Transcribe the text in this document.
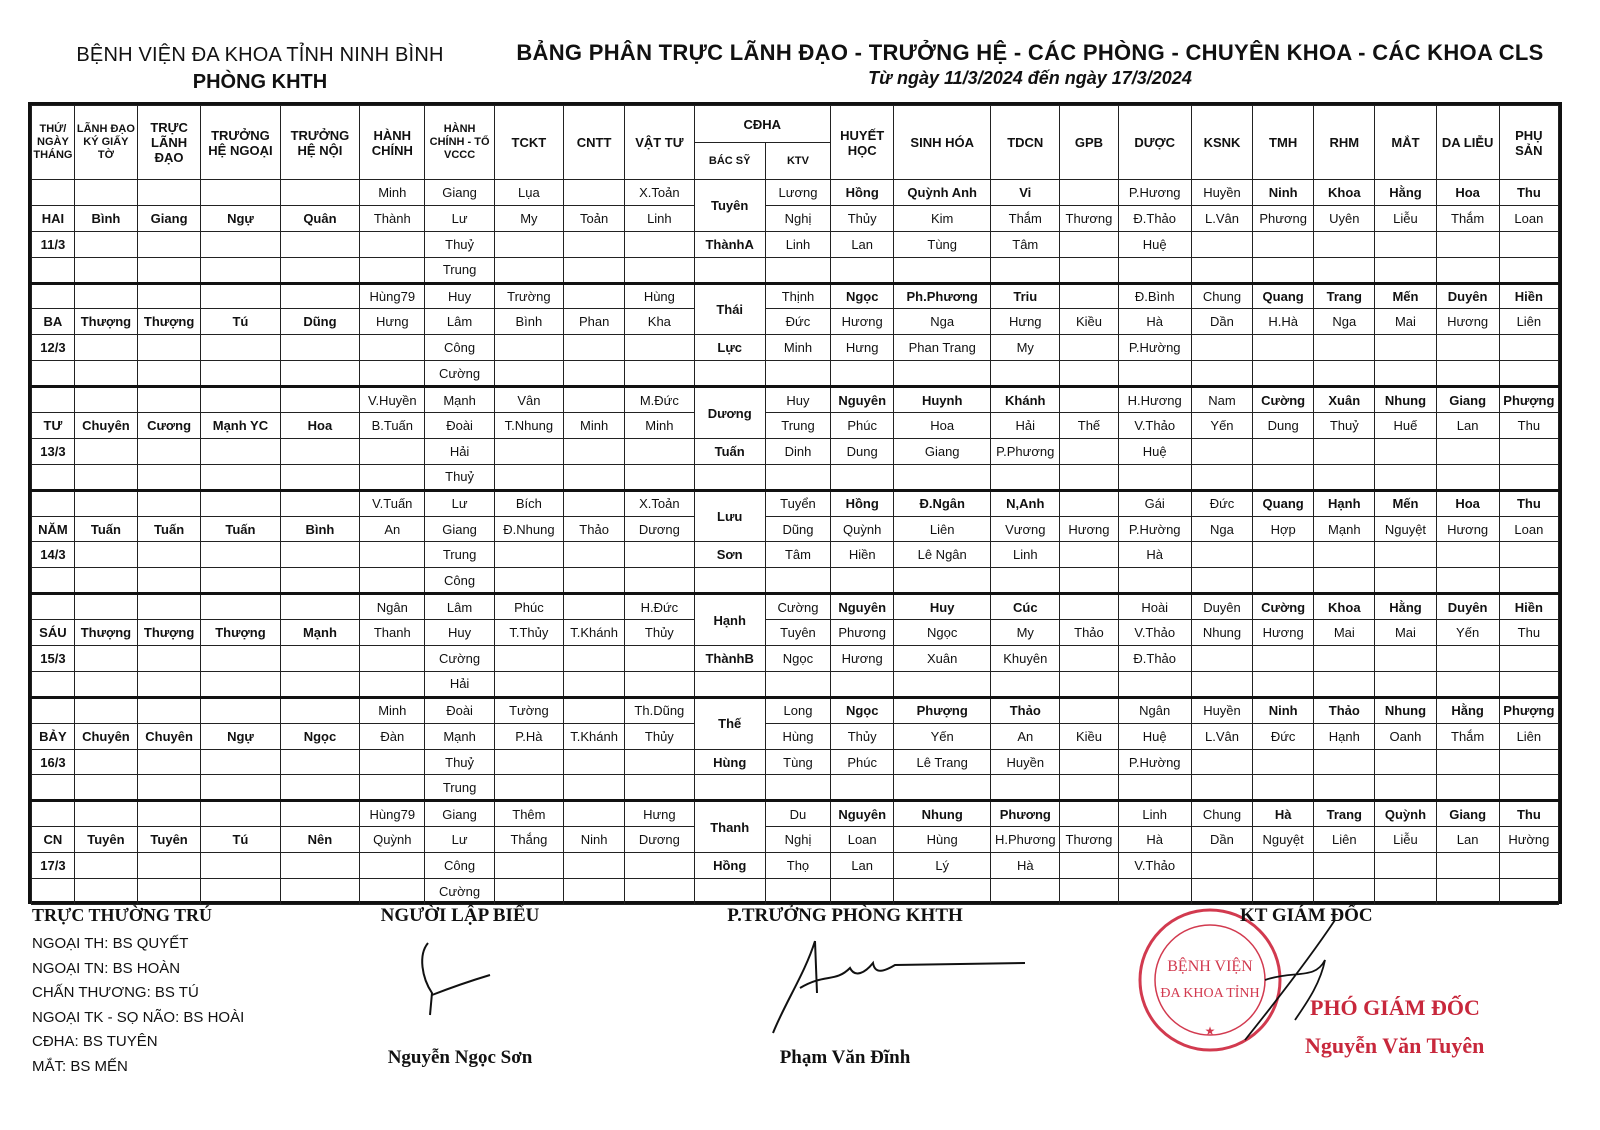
BỆNH VIỆN ĐA KHOA TỈNH NINH BÌNH
PHÒNG KHTH
BẢNG PHÂN TRỰC LÃNH ĐẠO - TRƯỞNG HỆ - CÁC PHÒNG - CHUYÊN KHOA - CÁC KHOA CLS
Từ ngày 11/3/2024 đến ngày 17/3/2024
THỨ/ NGÀY THÁNG	LÃNH ĐẠO KÝ GIẤY TỜ	TRỰC LÃNH ĐẠO	TRƯỞNG HỆ NGOẠI	TRƯỞNG HỆ NỘI	HÀNH CHÍNH	HÀNH CHÍNH - TỔ VCCC	TCKT	CNTT	VẬT TƯ	CĐHA		HUYẾT HỌC	SINH HÓA	TDCN	GPB	DƯỢC	KSNK	TMH	RHM	MẮT	DA LIỄU	PHỤ SẢN
										BÁC SỸ	KTV											
					Minh	Giang	Lụa		X.Toản	Tuyên	Lương	Hồng	Quỳnh Anh	Vi		P.Hương	Huyền	Ninh	Khoa	Hằng	Hoa	Thu
HAI	Bình	Giang	Ngự	Quân	Thành	Lư	My	Toản	Linh		Nghị	Thủy	Kim	Thắm	Thương	Đ.Thảo	L.Vân	Phương	Uyên	Liễu	Thắm	Loan
11/3						Thuỷ				ThànhA	Linh	Lan	Tùng	Tâm		Huệ						
						Trung																
					Hùng79	Huy	Trường		Hùng	Thái	Thịnh	Ngọc	Ph.Phương	Triu		Đ.Bình	Chung	Quang	Trang	Mến	Duyên	Hiền
BA	Thượng	Thượng	Tú	Dũng	Hưng	Lâm	Bình	Phan	Kha		Đức	Hương	Nga	Hưng	Kiều	Hà	Dần	H.Hà	Nga	Mai	Hương	Liên
12/3						Công				Lực	Minh	Hưng	Phan Trang	My		P.Hường						
						Cường																
					V.Huyền	Mạnh	Vân		M.Đức	Dương	Huy	Nguyên	Huynh	Khánh		H.Hương	Nam	Cường	Xuân	Nhung	Giang	Phượng
TƯ	Chuyên	Cương	Mạnh YC	Hoa	B.Tuấn	Đoài	T.Nhung	Minh	Minh		Trung	Phúc	Hoa	Hải	Thế	V.Thảo	Yến	Dung	Thuỷ	Huế	Lan	Thu
13/3						Hải				Tuấn	Dinh	Dung	Giang	P.Phương		Huệ						
						Thuỷ																
					V.Tuấn	Lư	Bích		X.Toản	Lưu	Tuyển	Hồng	Đ.Ngân	N,Anh		Gái	Đức	Quang	Hạnh	Mến	Hoa	Thu
NĂM	Tuấn	Tuấn	Tuấn	Bình	An	Giang	Đ.Nhung	Thảo	Dương		Dũng	Quỳnh	Liên	Vương	Hương	P.Hường	Nga	Hợp	Mạnh	Nguyệt	Hương	Loan
14/3						Trung				Sơn	Tâm	Hiền	Lê Ngân	Linh		Hà						
						Công																
					Ngân	Lâm	Phúc		H.Đức	Hạnh	Cường	Nguyên	Huy	Cúc		Hoài	Duyên	Cường	Khoa	Hằng	Duyên	Hiền
SÁU	Thượng	Thượng	Thượng	Mạnh	Thanh	Huy	T.Thủy	T.Khánh	Thủy		Tuyên	Phương	Ngọc	My	Thảo	V.Thảo	Nhung	Hương	Mai	Mai	Yến	Thu
15/3						Cường				ThànhB	Ngọc	Hương	Xuân	Khuyên		Đ.Thảo						
						Hải																
					Minh	Đoài	Tường		Th.Dũng	Thế	Long	Ngọc	Phượng	Thảo		Ngân	Huyền	Ninh	Thảo	Nhung	Hằng	Phượng
BẢY	Chuyên	Chuyên	Ngự	Ngọc	Đàn	Mạnh	P.Hà	T.Khánh	Thủy		Hùng	Thủy	Yến	An	Kiều	Huệ	L.Vân	Đức	Hạnh	Oanh	Thắm	Liên
16/3						Thuỷ				Hùng	Tùng	Phúc	Lê Trang	Huyền		P.Hường						
						Trung																
					Hùng79	Giang	Thêm		Hưng	Thanh	Du	Nguyên	Nhung	Phương		Linh	Chung	Hà	Trang	Quỳnh	Giang	Thu
CN	Tuyên	Tuyên	Tú	Nên	Quỳnh	Lư	Thắng	Ninh	Dương		Nghị	Loan	Hùng	H.Phương	Thương	Hà	Dần	Nguyệt	Liên	Liễu	Lan	Hường
17/3						Công				Hồng	Thọ	Lan	Lý	Hà		V.Thảo						
						Cường																
TRỰC THƯỜNG TRÚ
NGOẠI TH: BS QUYẾT
NGOẠI TN: BS HOÀN
CHẤN THƯƠNG: BS TÚ
NGOẠI TK - SỌ NÃO: BS HOÀI
CĐHA: BS TUYÊN
MẮT: BS MẾN
NGƯỜI LẬP BIỂU
Nguyễn Ngọc Sơn
P.TRƯỞNG PHÒNG KHTH
Phạm Văn Đĩnh
BỆNH VIỆN
ĐA KHOA TỈNH
★
KT GIÁM ĐỐC
PHÓ GIÁM ĐỐC
Nguyễn Văn Tuyên
